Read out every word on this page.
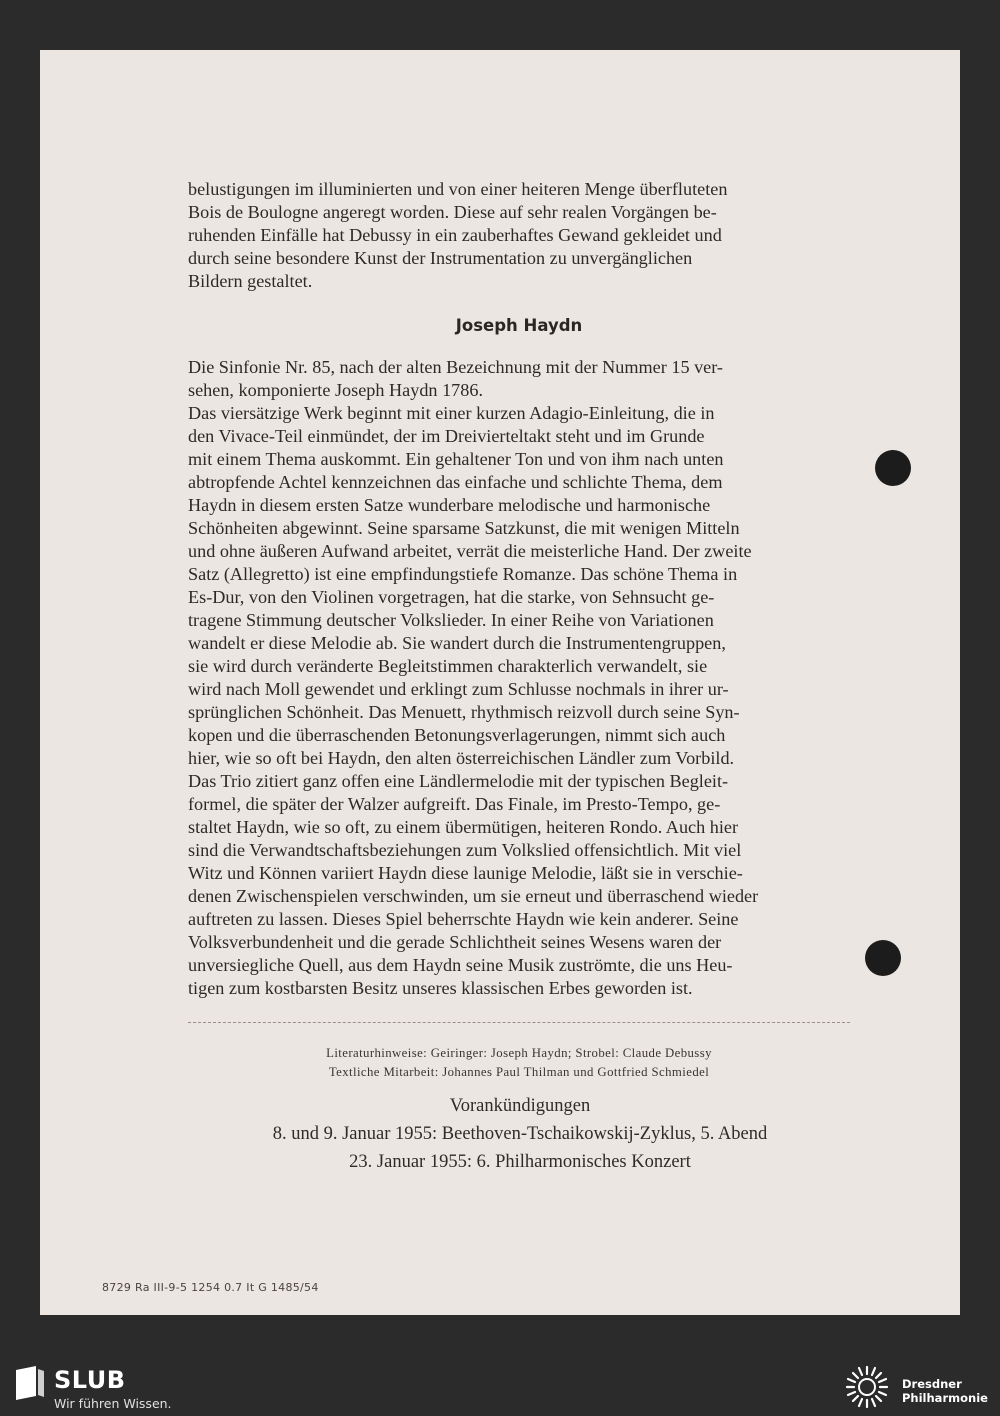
belustigungen im illuminierten und von einer heiteren Menge überfluteten

Bois de Boulogne angeregt worden. Diese auf sehr realen Vorgängen be-

ruhenden Einfälle hat Debussy in ein zauberhaftes Gewand gekleidet und

durch seine besondere Kunst der Instrumentation zu unvergänglichen

Bildern gestaltet.

Joseph Haydn

Die Sinfonie Nr. 85, nach der alten Bezeichnung mit der Nummer 15 ver-

sehen, komponierte Joseph Haydn 1786.

Das viersätzige Werk beginnt mit einer kurzen Adagio-Einleitung, die in

den Vivace-Teil einmündet, der im Dreivierteltakt steht und im Grunde

mit einem Thema auskommt. Ein gehaltener Ton und von ihm nach unten

abtropfende Achtel kennzeichnen das einfache und schlichte Thema, dem

Haydn in diesem ersten Satze wunderbare melodische und harmonische

Schönheiten abgewinnt. Seine sparsame Satzkunst, die mit wenigen Mitteln

und ohne äußeren Aufwand arbeitet, verrät die meisterliche Hand. Der zweite

Satz (Allegretto) ist eine empfindungstiefe Romanze. Das schöne Thema in

Es-Dur, von den Violinen vorgetragen, hat die starke, von Sehnsucht ge-

tragene Stimmung deutscher Volkslieder. In einer Reihe von Variationen

wandelt er diese Melodie ab. Sie wandert durch die Instrumentengruppen,

sie wird durch veränderte Begleitstimmen charakterlich verwandelt, sie

wird nach Moll gewendet und erklingt zum Schlusse nochmals in ihrer ur-

sprünglichen Schönheit. Das Menuett, rhythmisch reizvoll durch seine Syn-

kopen und die überraschenden Betonungsverlagerungen, nimmt sich auch

hier, wie so oft bei Haydn, den alten österreichischen Ländler zum Vorbild.

Das Trio zitiert ganz offen eine Ländlermelodie mit der typischen Begleit-

formel, die später der Walzer aufgreift. Das Finale, im Presto-Tempo, ge-

staltet Haydn, wie so oft, zu einem übermütigen, heiteren Rondo. Auch hier

sind die Verwandtschaftsbeziehungen zum Volkslied offensichtlich. Mit viel

Witz und Können variiert Haydn diese launige Melodie, läßt sie in verschie-

denen Zwischenspielen verschwinden, um sie erneut und überraschend wieder

auftreten zu lassen. Dieses Spiel beherrschte Haydn wie kein anderer. Seine

Volksverbundenheit und die gerade Schlichtheit seines Wesens waren der

unversiegliche Quell, aus dem Haydn seine Musik zuströmte, die uns Heu-

tigen zum kostbarsten Besitz unseres klassischen Erbes geworden ist.

Literaturhinweise: Geiringer: Joseph Haydn; Strobel: Claude Debussy
Textliche Mitarbeit: Johannes Paul Thilman und Gottfried Schmiedel
Vorankündigungen
8. und 9. Januar 1955: Beethoven-Tschaikowskij-Zyklus, 5. Abend
23. Januar 1955: 6. Philharmonisches Konzert
8729 Ra III-9-5 1254 0.7 It G 1485/54
SLUB
Wir führen Wissen.
Dresdner
Philharmonie
